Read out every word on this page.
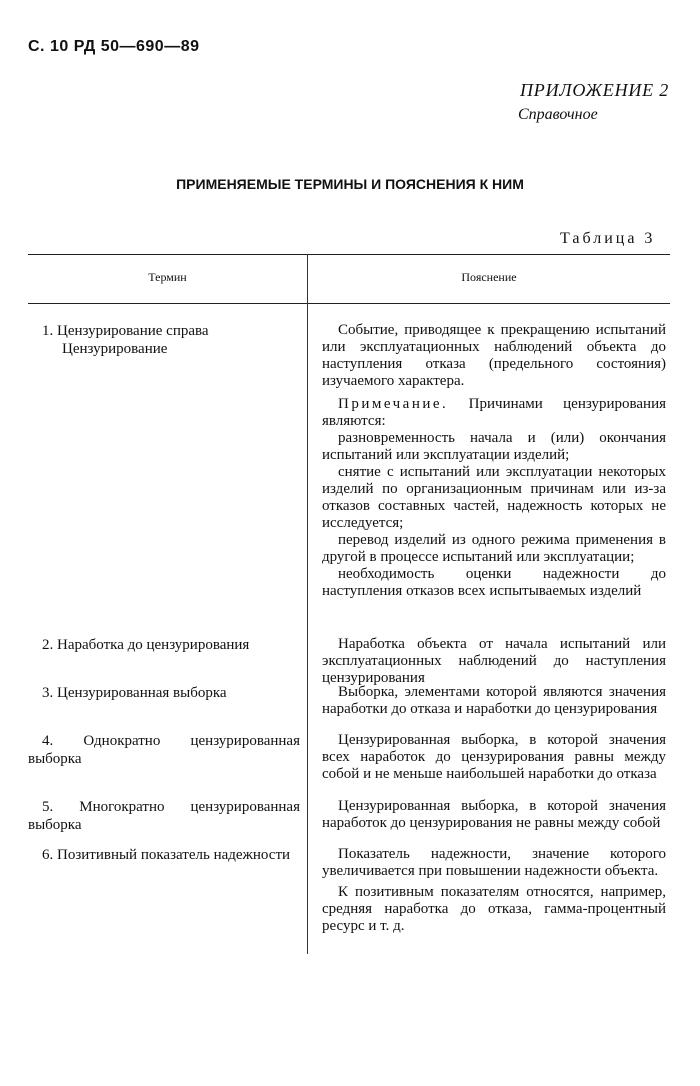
С. 10 РД 50—690—89
ПРИЛОЖЕНИЕ 2
Справочное
ПРИМЕНЯЕМЫЕ ТЕРМИНЫ И ПОЯСНЕНИЯ К НИМ
Таблица 3
Термин	Пояснение
1. Цензурирование справа
Цензурирование
2. Наработка до цензурирования
3. Цензурированная выборка
4. Однократно цензурированная выборка
5. Многократно цензурированная выборка
6. Позитивный показатель надежности

Событие, приводящее к прекращению испытаний или эксплуатационных наблюдений объекта до наступления отказа (предельного состояния) изучаемого характера.

Примечание. Причинами цензурирования являются:

разновременность начала и (или) окончания испытаний или эксплуатации изделий;

снятие с испытаний или эксплуатации некоторых изделий по организационным причинам или из-за отказов составных частей, надежность которых не исследуется;

перевод изделий из одного режима применения в другой в процессе испытаний или эксплуатации;

необходимость оценки надежности до наступления отказов всех испытываемых изделий

Наработка объекта от начала испытаний или эксплуатационных наблюдений до наступления цензурирования
Выборка, элементами которой являются значения наработки до отказа и наработки до цензурирования
Цензурированная выборка, в которой значения всех наработок до цензурирования равны между собой и не меньше наибольшей наработки до отказа
Цензурированная выборка, в которой значения наработок до цензурирования не равны между собой

Показатель надежности, значение которого увеличивается при повышении надежности объекта.

К позитивным показателям относятся, например, средняя наработка до отказа, гамма-процентный ресурс и т. д.
